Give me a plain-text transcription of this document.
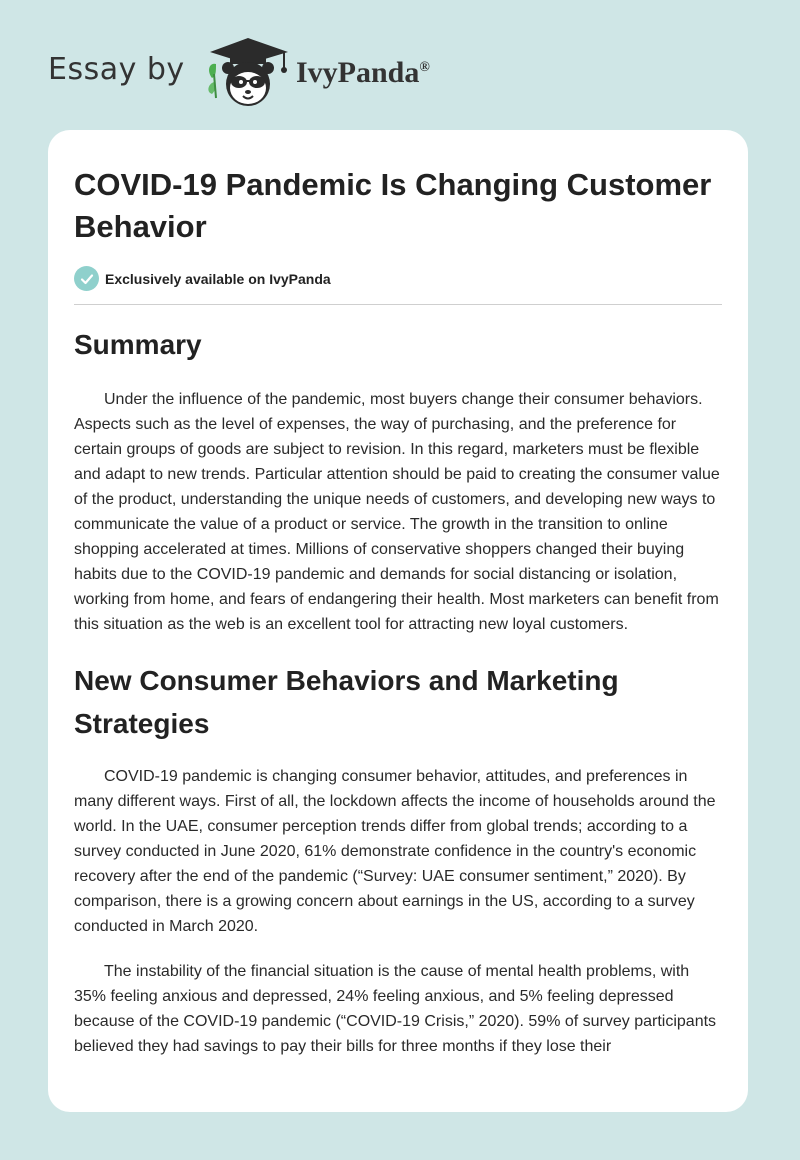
Essay by	IvyPanda®
COVID-19 Pandemic Is Changing Customer Behavior
Exclusively available on IvyPanda
Summary

Under the influence of the pandemic, most buyers change their consumer behaviors. Aspects such as the level of expenses, the way of purchasing, and the preference for certain groups of goods are subject to revision. In this regard, marketers must be flexible and adapt to new trends. Particular attention should be paid to creating the consumer value of the product, understanding the unique needs of customers, and developing new ways to communicate the value of a product or service. The growth in the transition to online shopping accelerated at times. Millions of conservative shoppers changed their buying habits due to the COVID-19 pandemic and demands for social distancing or isolation, working from home, and fears of endangering their health. Most marketers can benefit from this situation as the web is an excellent tool for attracting new loyal customers.

New Consumer Behaviors and Marketing Strategies

COVID-19 pandemic is changing consumer behavior, attitudes, and preferences in many different ways. First of all, the lockdown affects the income of households around the world. In the UAE, consumer perception trends differ from global trends; according to a survey conducted in June 2020, 61% demonstrate confidence in the country's economic recovery after the end of the pandemic (“Survey: UAE consumer sentiment,” 2020). By comparison, there is a growing concern about earnings in the US, according to a survey conducted in March 2020.

The instability of the financial situation is the cause of mental health problems, with 35% feeling anxious and depressed, 24% feeling anxious, and 5% feeling depressed because of the COVID-19 pandemic (“COVID-19 Crisis,” 2020). 59% of survey participants believed they had savings to pay their bills for three months if they lose their
